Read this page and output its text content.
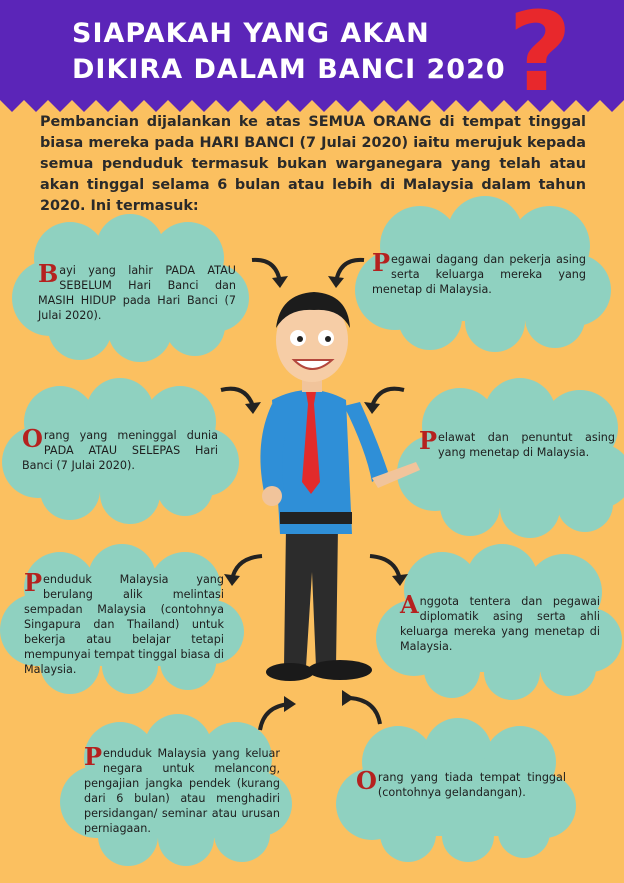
SIAPAKAH YANG AKAN
DIKIRA DALAM BANCI 2020 ?

Pembancian dijalankan ke atas SEMUA ORANG di tempat tinggal biasa mereka pada HARI BANCI (7 Julai 2020) iaitu merujuk kepada semua penduduk termasuk bukan warganegara yang telah atau akan tinggal selama 6 bulan atau lebih di Malaysia dalam tahun 2020. Ini termasuk:

Bayi yang lahir PADA ATAU SEBELUM Hari Banci dan MASIH HIDUP pada Hari Banci (7 Julai 2020).

Pegawai dagang dan pekerja asing serta keluarga mereka yang menetap di Malaysia.

Orang yang meninggal dunia PADA ATAU SELEPAS Hari Banci (7 Julai 2020).

Pelawat dan penuntut asing yang menetap di Malaysia.

Penduduk Malaysia yang berulang alik melintasi sempadan Malaysia (contohnya Singapura dan Thailand) untuk bekerja atau belajar tetapi mempunyai tempat tinggal biasa di Malaysia.

Anggota tentera dan pegawai diplomatik asing serta ahli keluarga mereka yang menetap di Malaysia.

Penduduk Malaysia yang keluar negara untuk melancong, pengajian jangka pendek (kurang dari 6 bulan) atau menghadiri persidangan/ seminar atau urusan perniagaan.

Orang yang tiada tempat tinggal (contohnya gelandangan).
